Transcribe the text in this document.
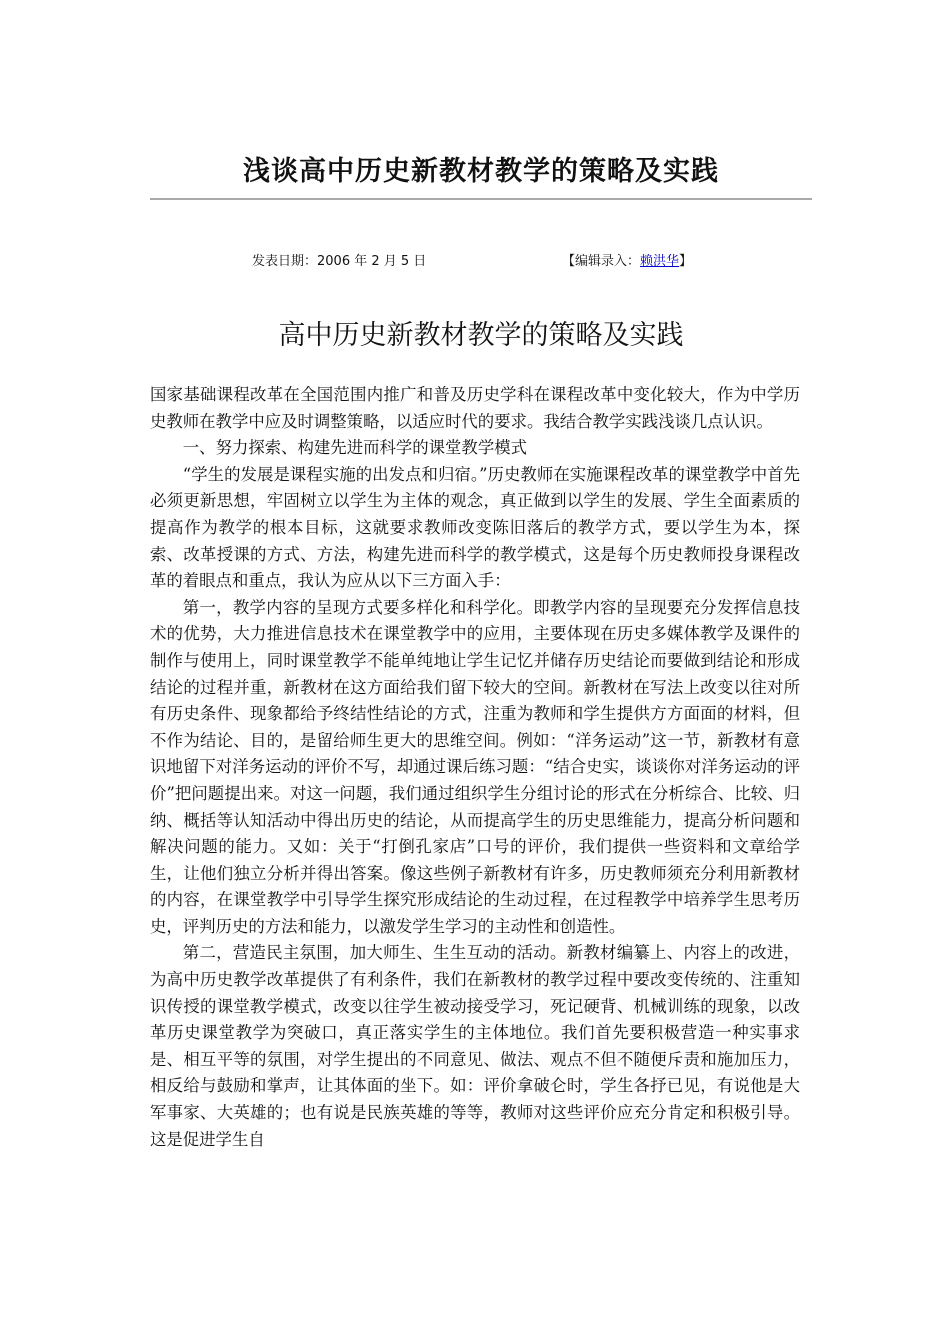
浅谈高中历史新教材教学的策略及实践
发表日期：2006 年 2 月 5 日	【编辑录入：赖洪华】
高中历史新教材教学的策略及实践

国家基础课程改革在全国范围内推广和普及历史学科在课程改革中变化较大，作为中学历史教师在教学中应及时调整策略，以适应时代的要求。我结合教学实践浅谈几点认识。

一、努力探索、构建先进而科学的课堂教学模式

“学生的发展是课程实施的出发点和归宿。”历史教师在实施课程改革的课堂教学中首先必须更新思想，牢固树立以学生为主体的观念，真正做到以学生的发展、学生全面素质的提高作为教学的根本目标，这就要求教师改变陈旧落后的教学方式，要以学生为本，探索、改革授课的方式、方法，构建先进而科学的教学模式，这是每个历史教师投身课程改革的着眼点和重点，我认为应从以下三方面入手：

第一，教学内容的呈现方式要多样化和科学化。即教学内容的呈现要充分发挥信息技术的优势，大力推进信息技术在课堂教学中的应用，主要体现在历史多媒体教学及课件的制作与使用上，同时课堂教学不能单纯地让学生记忆并储存历史结论而要做到结论和形成结论的过程并重，新教材在这方面给我们留下较大的空间。新教材在写法上改变以往对所有历史条件、现象都给予终结性结论的方式，注重为教师和学生提供方方面面的材料，但不作为结论、目的，是留给师生更大的思维空间。例如：“洋务运动”这一节，新教材有意识地留下对洋务运动的评价不写，却通过课后练习题：“结合史实，谈谈你对洋务运动的评价”把问题提出来。对这一问题，我们通过组织学生分组讨论的形式在分析综合、比较、归纳、概括等认知活动中得出历史的结论，从而提高学生的历史思维能力，提高分析问题和解决问题的能力。又如：关于“打倒孔家店”口号的评价，我们提供一些资料和文章给学生，让他们独立分析并得出答案。像这些例子新教材有许多，历史教师须充分利用新教材的内容，在课堂教学中引导学生探究形成结论的生动过程，在过程教学中培养学生思考历史，评判历史的方法和能力，以激发学生学习的主动性和创造性。

第二，营造民主氛围，加大师生、生生互动的活动。新教材编纂上、内容上的改进，为高中历史教学改革提供了有利条件，我们在新教材的教学过程中要改变传统的、注重知识传授的课堂教学模式，改变以往学生被动接受学习，死记硬背、机械训练的现象，以改革历史课堂教学为突破口，真正落实学生的主体地位。我们首先要积极营造一种实事求是、相互平等的氛围，对学生提出的不同意见、做法、观点不但不随便斥责和施加压力，相反给与鼓励和掌声，让其体面的坐下。如：评价拿破仑时，学生各抒已见，有说他是大军事家、大英雄的；也有说是民族英雄的等等，教师对这些评价应充分肯定和积极引导。这是促进学生自
